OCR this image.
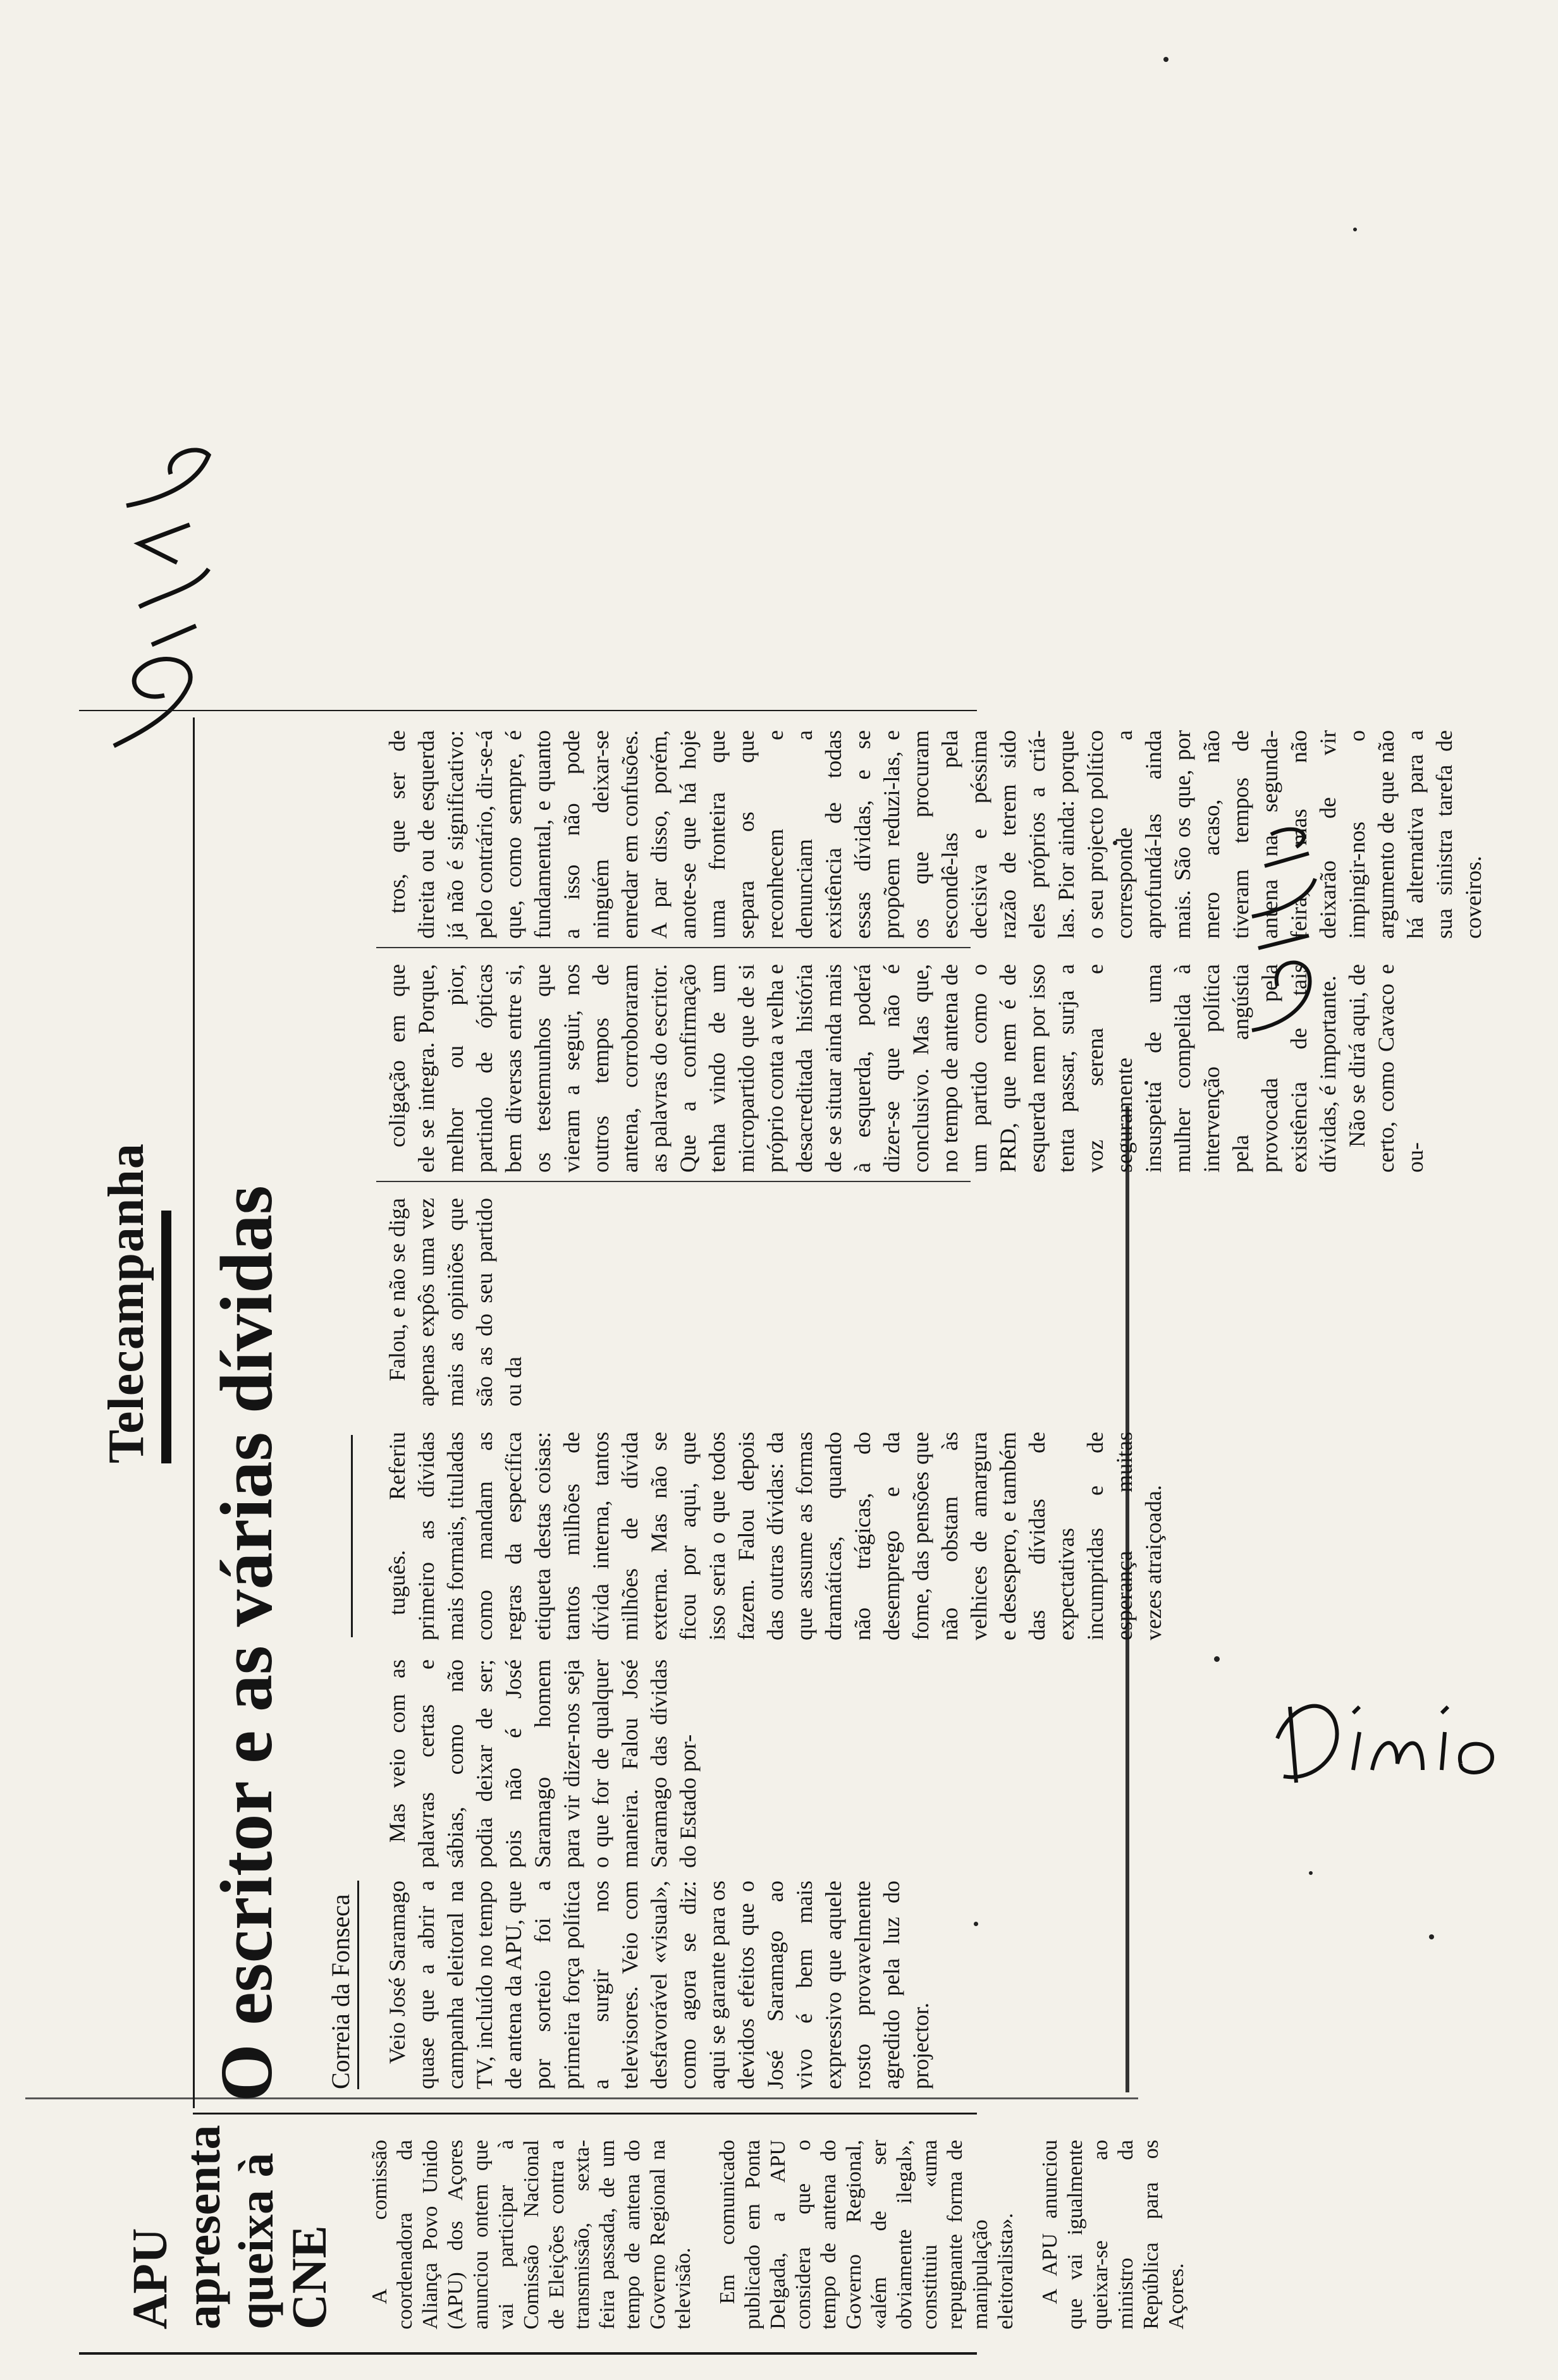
APU apresenta queixa à CNE A comissão coordenadora da Aliança Povo Unido (APU) dos Açores anunciou ontem que vai participar à Comissão Nacional de Eleições contra a transmissão, sexta-feira passada, de um tempo de antena do Governo Regional na televisão. Em comunicado publicado em Ponta Delgada, a APU considera que o tempo de antena do Governo Regional, «além de ser obviamente ilegal», constituiu «uma repugnante forma de manipulação eleitoralista». A APU anunciou que vai igualmente queixar-se ao ministro da República para os Açores.

Telecampanha O escritor e as várias dívidas Correia da Fonseca Veio José Saramago quase que a abrir a campanha eleitoral na TV, incluído no tempo de antena da APU, que por sorteio foi a primeira força política a surgir nos televisores. Veio com desfavorável «visual», como agora se diz: aqui se garante para os devidos efeitos que o José Saramago ao vivo é bem mais expressivo que aquele rosto provavelmente agredido pela luz do projector.

Mas veio com as palavras certas e sábias, como não podia deixar de ser; pois não é José Saramago homem para vir dizer-nos seja o que for de qualquer maneira. Falou José Saramago das dívidas do Estado por-

tuguês. Referiu primeiro as dívidas mais formais, tituladas como mandam as regras da específica etiqueta destas coisas: tantos milhões de dívida interna, tantos milhões de dívida externa. Mas não se ficou por aqui, que isso seria o que todos fazem. Falou depois das outras dívidas: da que assume as formas dramáticas, quando não trágicas, do desemprego e da fome, das pensões que não obstam às velhices de amargura e desespero, e também das dívidas de expectativas incumpridas e de esperança muitas vezes atraiçoada.

Falou, e não se diga apenas expôs uma vez mais as opiniões que são as do seu partido ou da

coligação em que ele se integra. Porque, melhor ou pior, partindo de ópticas bem diversas entre si, os testemunhos que vieram a seguir, nos outros tempos de antena, corroboraram as palavras do escritor. Que a confirmação tenha vindo de um micropartido que de si próprio conta a velha e desacreditada história de se situar ainda mais à esquerda, poderá dizer-se que não é conclusivo. Mas que, no tempo de antena de um partido como o PRD, que nem é de esquerda nem por isso tenta passar, surja a voz serena e seguramente insuspeita de uma mulher compelida à intervenção política pela angústia provocada pela existência de tais dívidas, é importante. Não se dirá aqui, de certo, como Cavaco e ou-

tros, que ser de direita ou de esquerda já não é significativo: pelo contrário, dir-se-á que, como sempre, é fundamental, e quanto a isso não pode ninguém deixar-se enredar em confusões. A par disso, porém, anote-se que há hoje uma fronteira que separa os que reconhecem e denunciam a existência de todas essas dívidas, e se propõem reduzi-las, e os que procuram escondê-las pela decisiva e péssima razão de terem sido eles próprios a criá-las. Pior ainda: porque o seu projecto político corresponde a aprofundá-las ainda mais. São os que, por mero acaso, não tiveram tempos de antena na segunda-feira, mas não deixarão de vir impingir-nos o argumento de que não há alternativa para a sua sinistra tarefa de coveiros.
